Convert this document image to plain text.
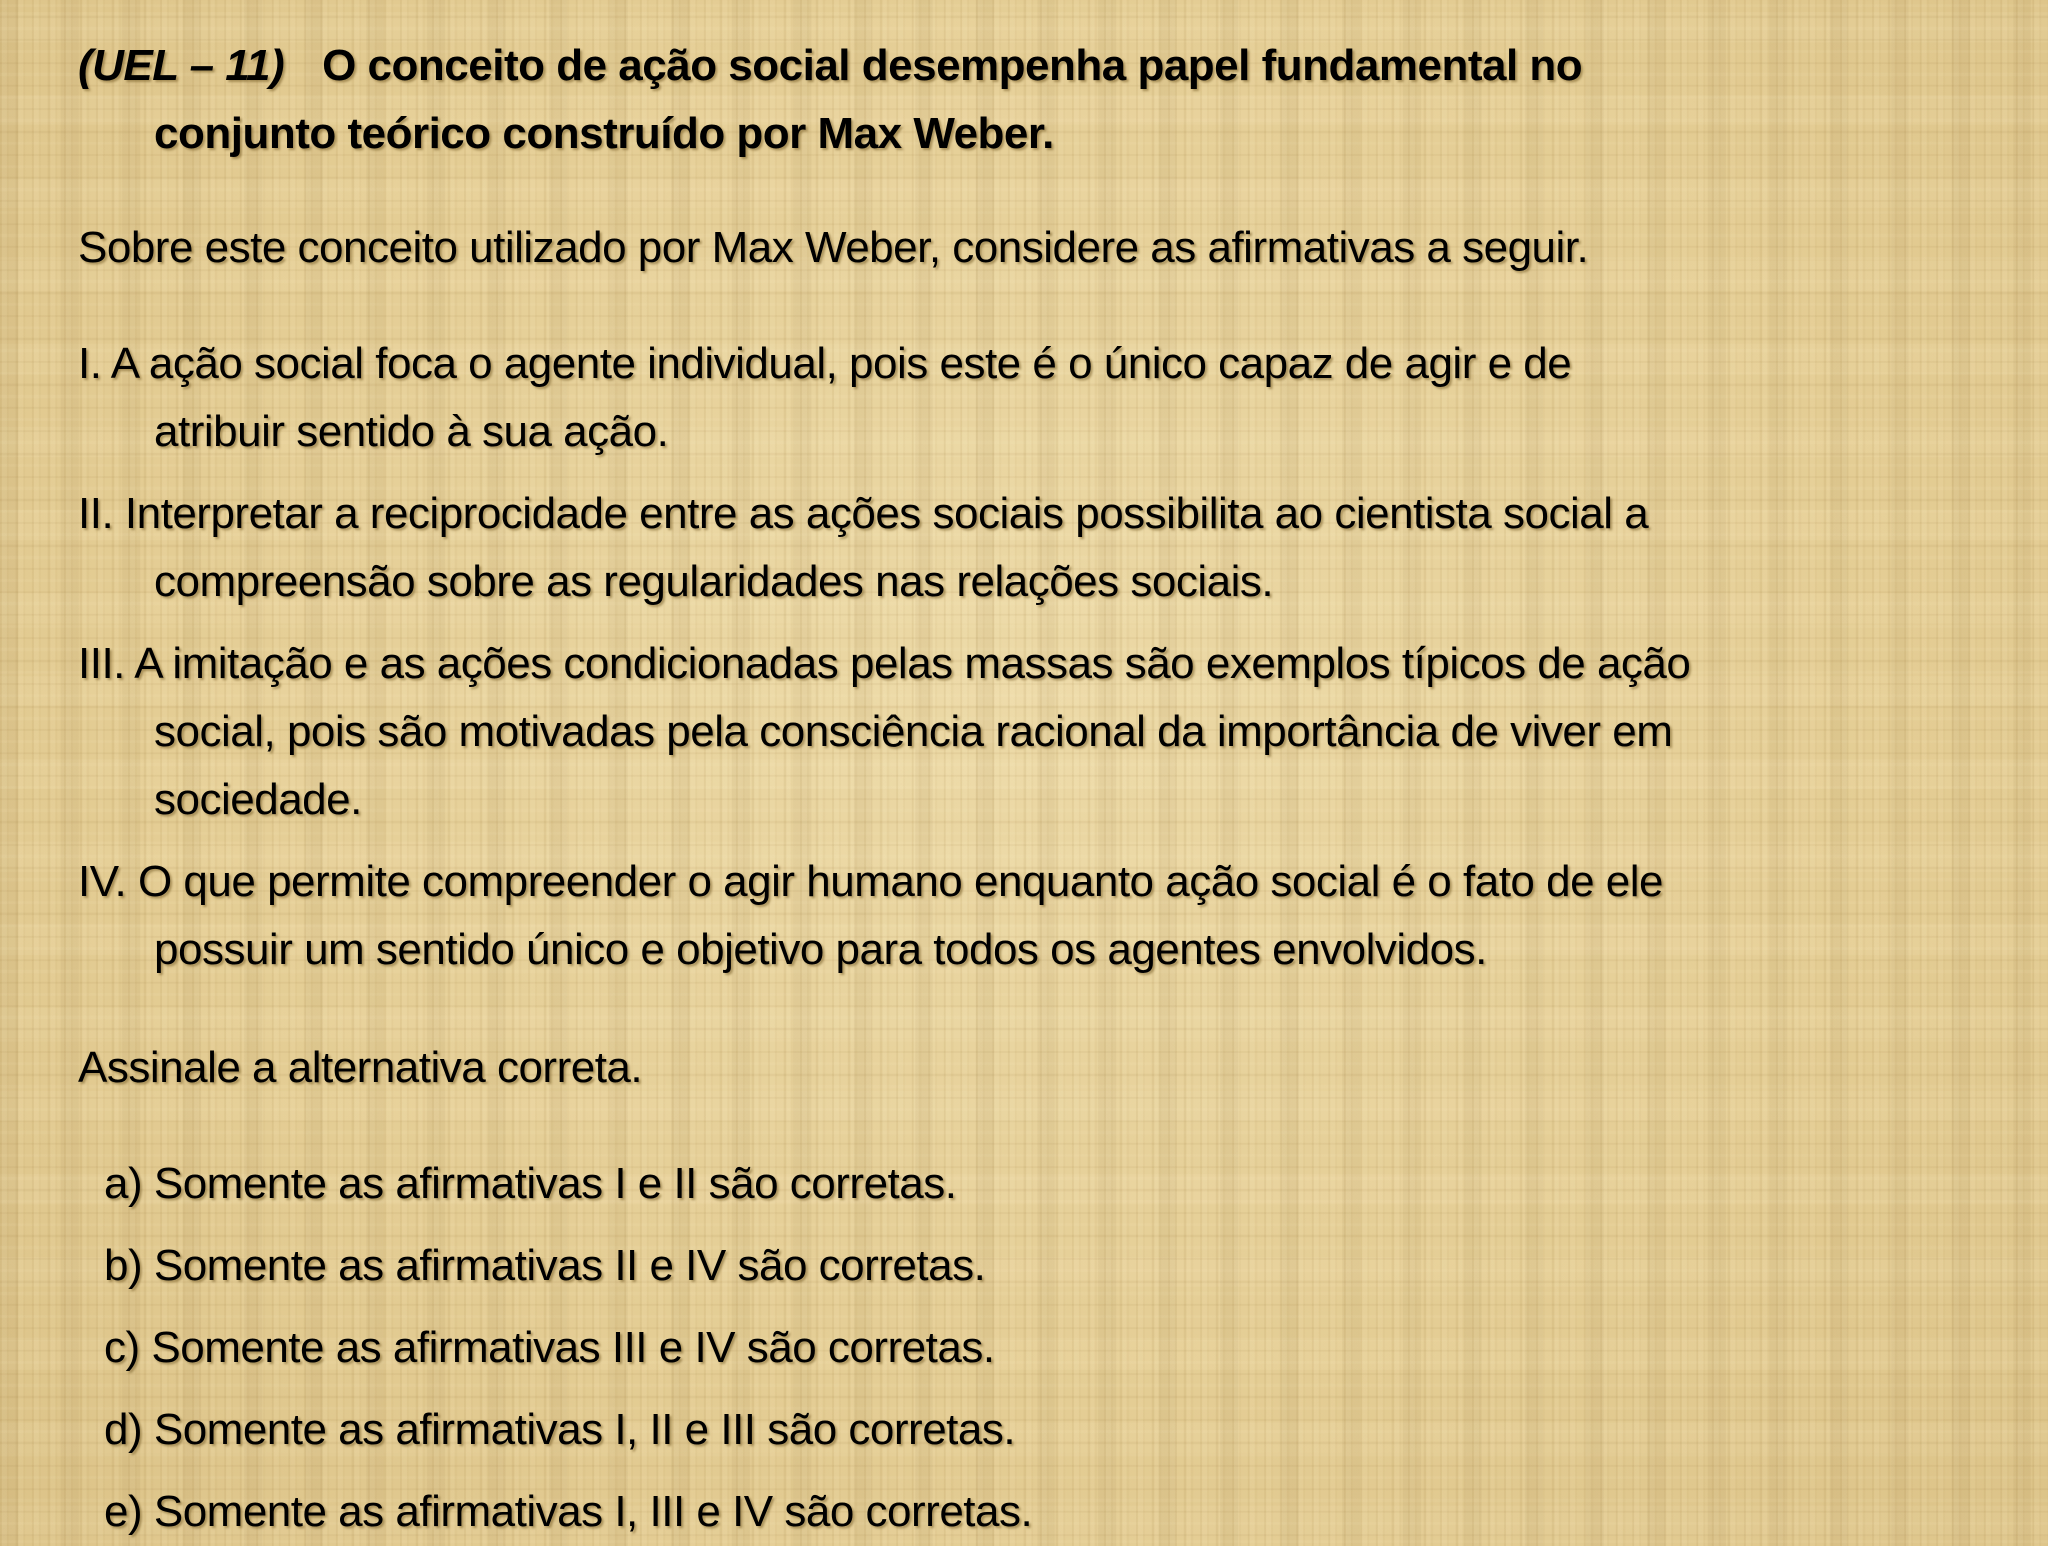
(UEL – 11) O conceito de ação social desempenha papel fundamental no
conjunto teórico construído por Max Weber.
Sobre este conceito utilizado por Max Weber, considere as afirmativas a seguir.
I. A ação social foca o agente individual, pois este é o único capaz de agir e de
atribuir sentido à sua ação.
II. Interpretar a reciprocidade entre as ações sociais possibilita ao cientista social a
compreensão sobre as regularidades nas relações sociais.
III. A imitação e as ações condicionadas pelas massas são exemplos típicos de ação
social, pois são motivadas pela consciência racional da importância de viver em
sociedade.
IV. O que permite compreender o agir humano enquanto ação social é o fato de ele
possuir um sentido único e objetivo para todos os agentes envolvidos.
Assinale a alternativa correta.
a) Somente as afirmativas I e II são corretas.
b) Somente as afirmativas II e IV são corretas.
c) Somente as afirmativas III e IV são corretas.
d) Somente as afirmativas I, II e III são corretas.
e) Somente as afirmativas I, III e IV são corretas.
